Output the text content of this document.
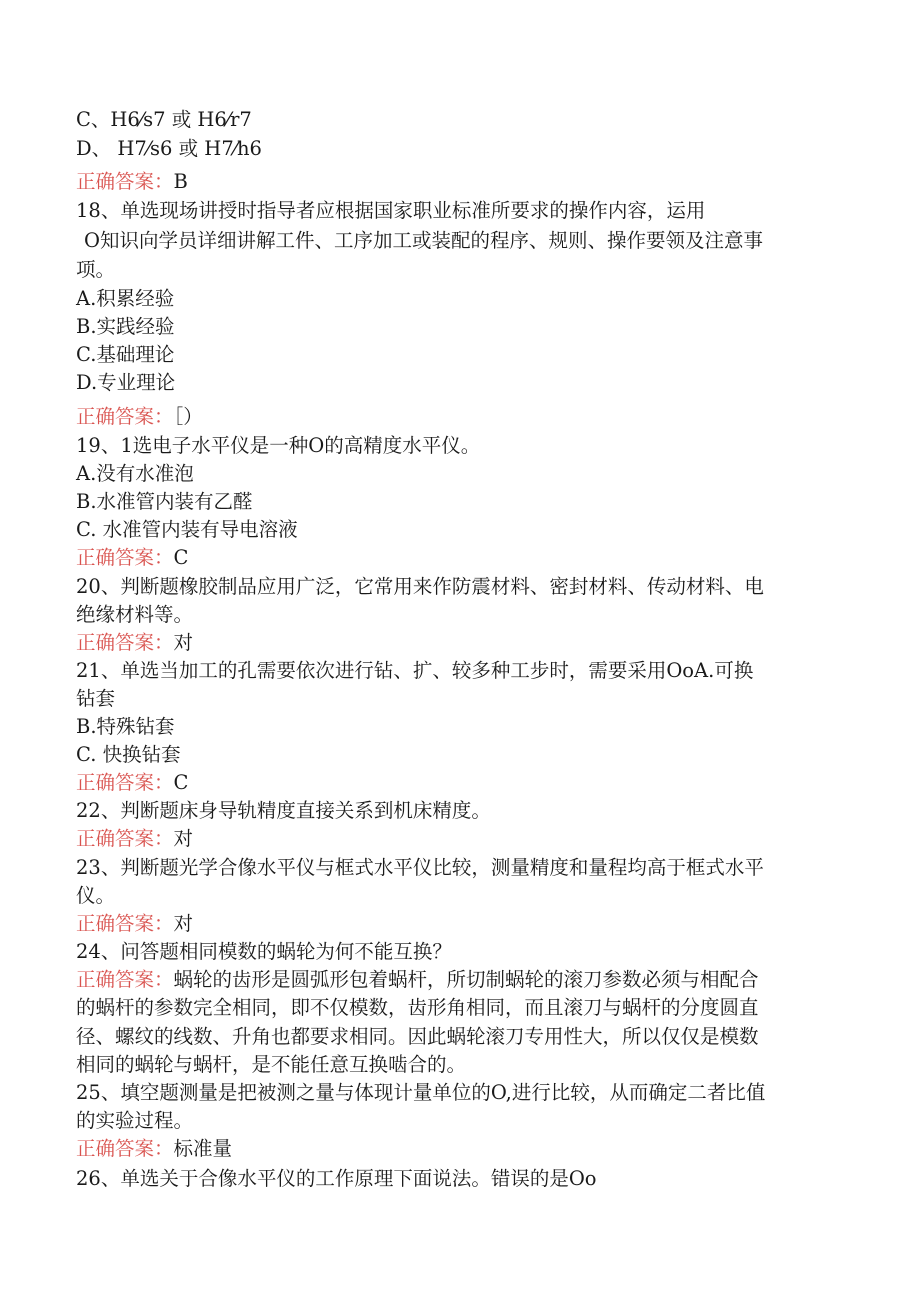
C、H6⁄s7 或 H6⁄r7
D、 H7⁄s6 或 H7⁄h6
正确答案：B
18、单选现场讲授时指导者应根据国家职业标准所要求的操作内容，运用
O知识向学员详细讲解工件、工序加工或装配的程序、规则、操作要领及注意事
项。
A.积累经验
B.实践经验
C.基础理论
D.专业理论
正确答案：［）
19、1选电子水平仪是一种O的高精度水平仪。
A.没有水准泡
B.水准管内装有乙醛
C. 水准管内装有导电溶液
正确答案：C
20、判断题橡胶制品应用广泛，它常用来作防震材料、密封材料、传动材料、电
绝缘材料等。
正确答案：对
21、单选当加工的孔需要依次进行钻、扩、较多种工步时，需要采用OoA.可换
钻套
B.特殊钻套
C. 快换钻套
正确答案：C
22、判断题床身导轨精度直接关系到机床精度。
正确答案：对
23、判断题光学合像水平仪与框式水平仪比较，测量精度和量程均高于框式水平
仪。
正确答案：对
24、问答题相同模数的蜗轮为何不能互换？
正确答案：蜗轮的齿形是圆弧形包着蜗杆，所切制蜗轮的滚刀参数必须与相配合
的蜗杆的参数完全相同，即不仅模数，齿形角相同，而且滚刀与蜗杆的分度圆直
径、螺纹的线数、升角也都要求相同。因此蜗轮滚刀专用性大，所以仅仅是模数
相同的蜗轮与蜗杆，是不能任意互换啮合的。
25、填空题测量是把被测之量与体现计量单位的O,进行比较，从而确定二者比值
的实验过程。
正确答案：标准量
26、单选关于合像水平仪的工作原理下面说法。错误的是Oo
